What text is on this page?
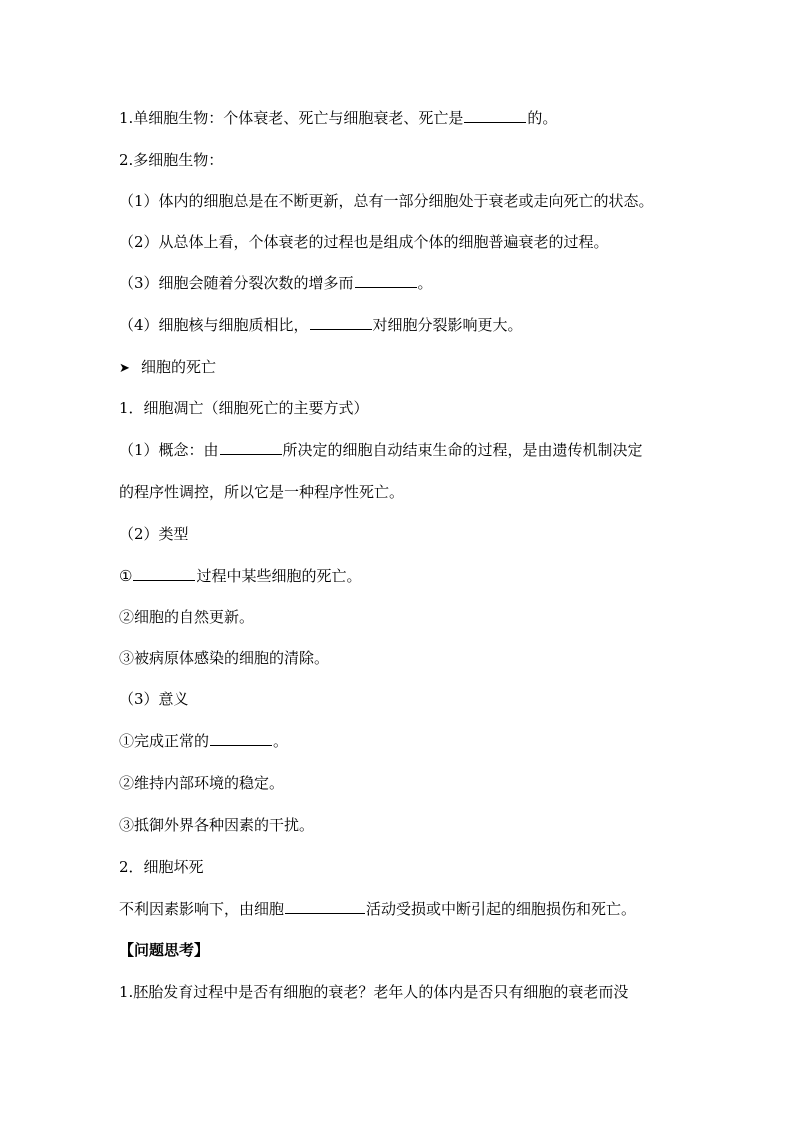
1.单细胞生物：个体衰老、死亡与细胞衰老、死亡是	的。
2.多细胞生物：
（1）体内的细胞总是在不断更新，总有一部分细胞处于衰老或走向死亡的状态。
（2）从总体上看，个体衰老的过程也是组成个体的细胞普遍衰老的过程。
（3）细胞会随着分裂次数的增多而	。
（4）细胞核与细胞质相比，	对细胞分裂影响更大。
➤ 细胞的死亡
1．细胞凋亡（细胞死亡的主要方式）
（1）概念：由	所决定的细胞自动结束生命的过程，是由遗传机制决定
的程序性调控，所以它是一种程序性死亡。
（2）类型
①	过程中某些细胞的死亡。
②细胞的自然更新。
③被病原体感染的细胞的清除。
（3）意义
①完成正常的	。
②维持内部环境的稳定。
③抵御外界各种因素的干扰。
2．细胞坏死
不利因素影响下，由细胞	活动受损或中断引起的细胞损伤和死亡。
【问题思考】
1.胚胎发育过程中是否有细胞的衰老？老年人的体内是否只有细胞的衰老而没
